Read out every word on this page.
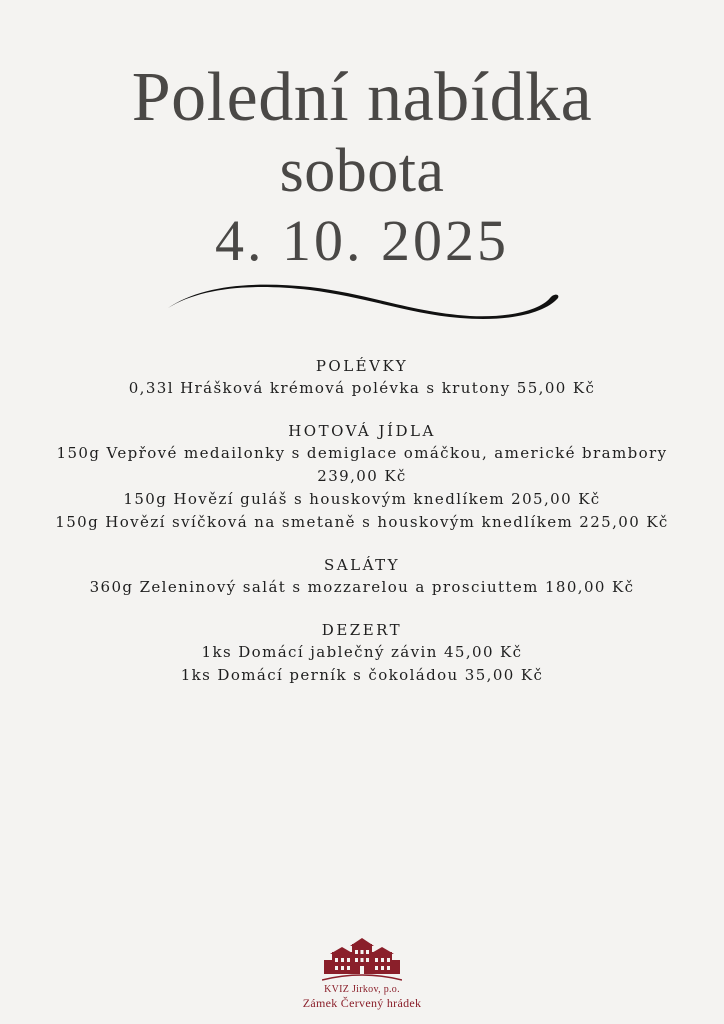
Polední nabídka
sobota
4. 10. 2025
POLÉVKY
0,33l Hrášková krémová polévka s krutony 55,00 Kč
HOTOVÁ JÍDLA
150g Vepřové medailonky s demiglace omáčkou, americké brambory
239,00 Kč
150g Hovězí guláš s houskovým knedlíkem 205,00 Kč
150g Hovězí svíčková na smetaně s houskovým knedlíkem 225,00 Kč
SALÁTY
360g Zeleninový salát s mozzarelou a prosciuttem 180,00 Kč
DEZERT
1ks Domácí jablečný závin 45,00 Kč
1ks Domácí perník s čokoládou 35,00 Kč
KVIZ Jirkov, p.o.
Zámek Červený hrádek
